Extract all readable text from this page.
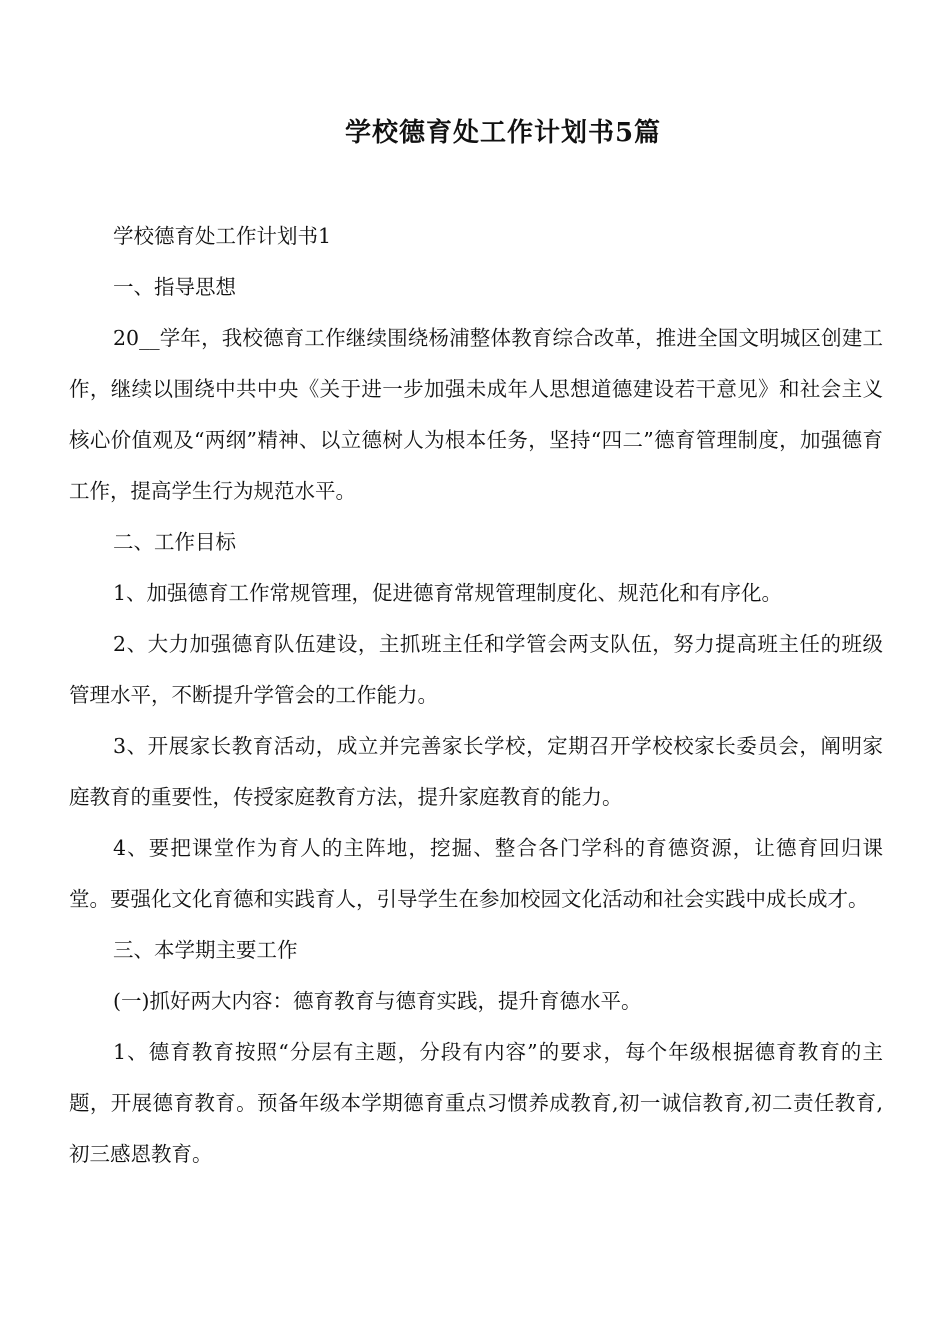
学校德育处工作计划书5篇

学校德育处工作计划书1

一、指导思想

20__学年，我校德育工作继续围绕杨浦整体教育综合改革，推进全国文明城区创建工作，继续以围绕中共中央《关于进一步加强未成年人思想道德建设若干意见》和社会主义核心价值观及“两纲”精神、以立德树人为根本任务，坚持“四二”德育管理制度，加强德育工作，提高学生行为规范水平。

二、工作目标

1、加强德育工作常规管理，促进德育常规管理制度化、规范化和有序化。

2、大力加强德育队伍建设，主抓班主任和学管会两支队伍，努力提高班主任的班级管理水平，不断提升学管会的工作能力。

3、开展家长教育活动，成立并完善家长学校，定期召开学校校家长委员会，阐明家庭教育的重要性，传授家庭教育方法，提升家庭教育的能力。

4、要把课堂作为育人的主阵地，挖掘、整合各门学科的育德资源，让德育回归课堂。要强化文化育德和实践育人，引导学生在参加校园文化活动和社会实践中成长成才。

三、本学期主要工作

(一)抓好两大内容：德育教育与德育实践，提升育德水平。

1、德育教育按照“分层有主题，分段有内容”的要求，每个年级根据德育教育的主题，开展德育教育。预备年级本学期德育重点习惯养成教育,初一诚信教育,初二责任教育,初三感恩教育。
